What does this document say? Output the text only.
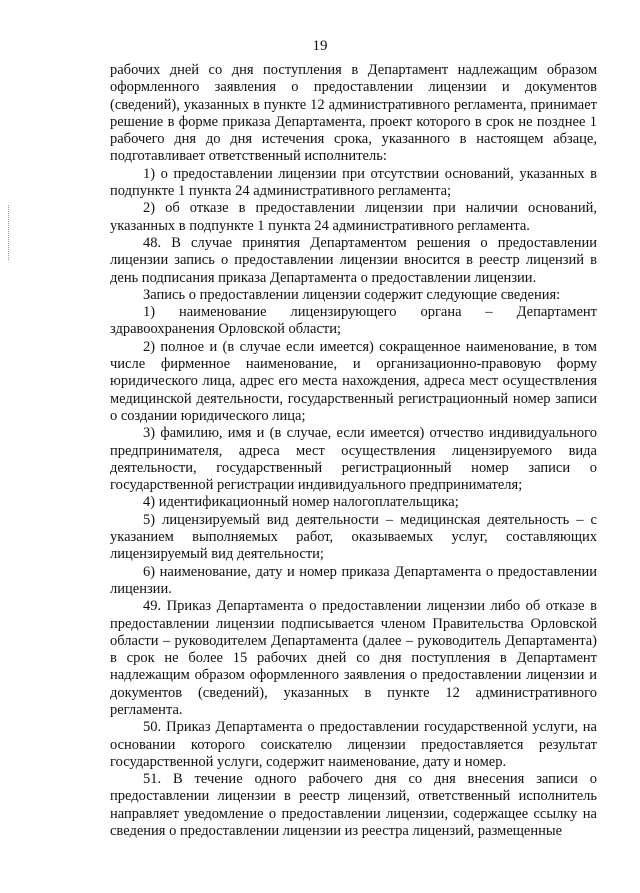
19

рабочих дней со дня поступления в Департамент надлежащим образом оформленного заявления о предоставлении лицензии и документов (сведений), указанных в пункте 12 административного регламента, принимает решение в форме приказа Департамента, проект которого в срок не позднее 1 рабочего дня до дня истечения срока, указанного в настоящем абзаце, подготавливает ответственный исполнитель:

1) о предоставлении лицензии при отсутствии оснований, указанных в подпункте 1 пункта 24 административного регламента;

2) об отказе в предоставлении лицензии при наличии оснований, указанных в подпункте 1 пункта 24 административного регламента.

48. В случае принятия Департаментом решения о предоставлении лицензии запись о предоставлении лицензии вносится в реестр лицензий в день подписания приказа Департамента о предоставлении лицензии.

Запись о предоставлении лицензии содержит следующие сведения:

1) наименование лицензирующего органа – Департамент здравоохранения Орловской области;

2) полное и (в случае если имеется) сокращенное наименование, в том числе фирменное наименование, и организационно-правовую форму юридического лица, адрес его места нахождения, адреса мест осуществления медицинской деятельности, государственный регистрационный номер записи о создании юридического лица;

3) фамилию, имя и (в случае, если имеется) отчество индивидуального предпринимателя, адреса мест осуществления лицензируемого вида деятельности, государственный регистрационный номер записи о государственной регистрации индивидуального предпринимателя;

4) идентификационный номер налогоплательщика;

5) лицензируемый вид деятельности – медицинская деятельность – с указанием выполняемых работ, оказываемых услуг, составляющих лицензируемый вид деятельности;

6) наименование, дату и номер приказа Департамента о предоставлении лицензии.

49. Приказ Департамента о предоставлении лицензии либо об отказе в предоставлении лицензии подписывается членом Правительства Орловской области – руководителем Департамента (далее – руководитель Департамента) в срок не более 15 рабочих дней со дня поступления в Департамент надлежащим образом оформленного заявления о предоставлении лицензии и документов (сведений), указанных в пункте 12 административного регламента.

50. Приказ Департамента о предоставлении государственной услуги, на основании которого соискателю лицензии предоставляется результат государственной услуги, содержит наименование, дату и номер.

51. В течение одного рабочего дня со дня внесения записи о предоставлении лицензии в реестр лицензий, ответственный исполнитель направляет уведомление о предоставлении лицензии, содержащее ссылку на сведения о предоставлении лицензии из реестра лицензий, размещенные
